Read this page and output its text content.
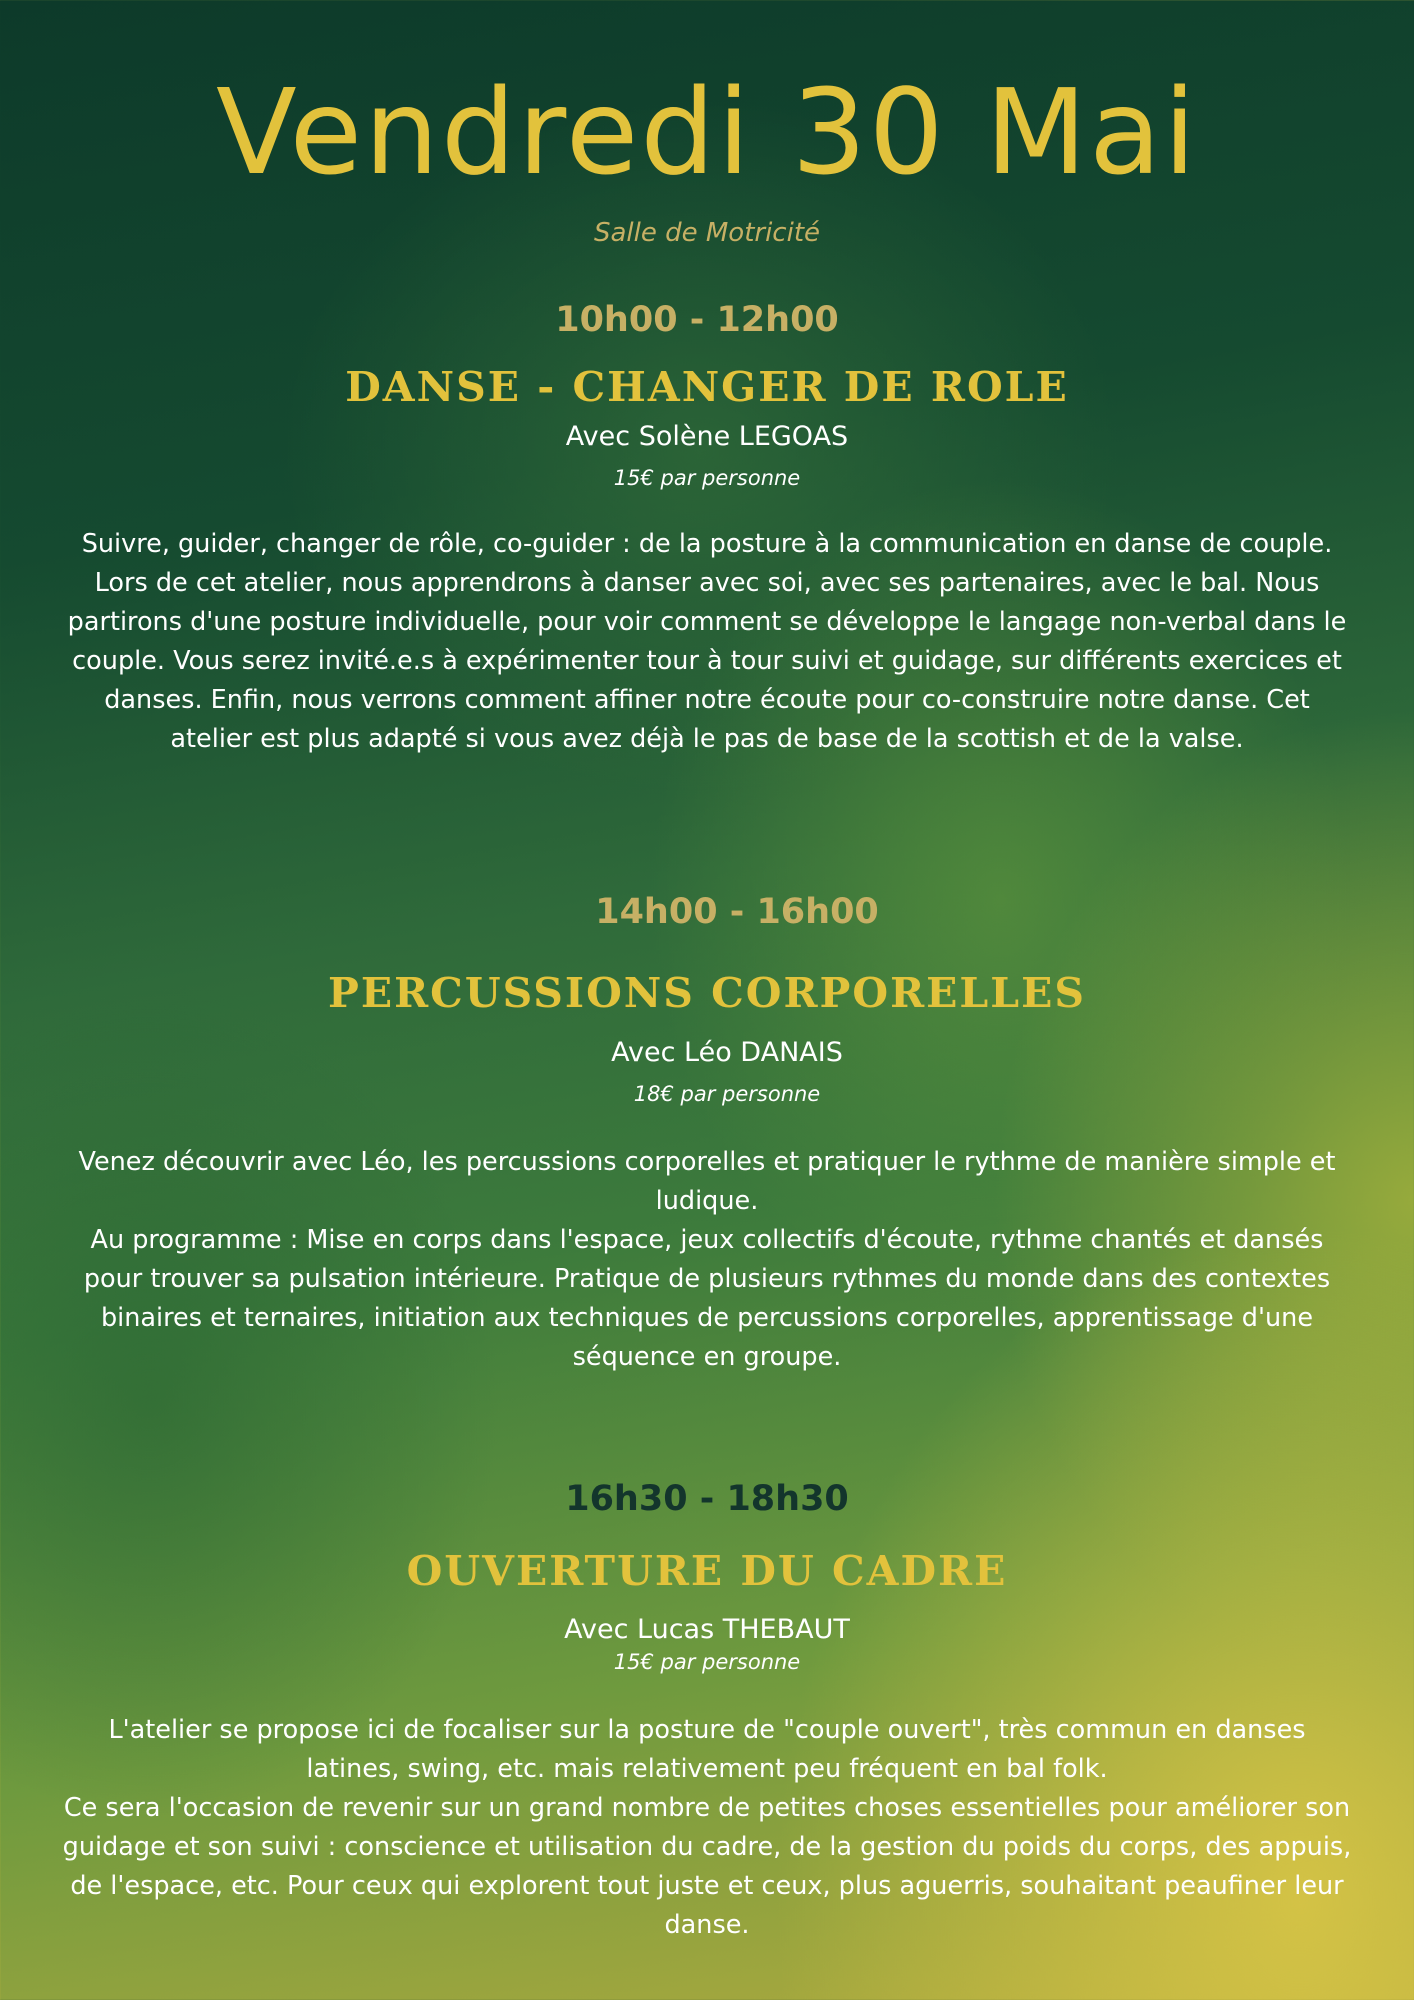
Vendredi 30 Mai
Salle de Motricité
10h00 - 12h00
DANSE - CHANGER DE ROLE
Avec Solène LEGOAS
15€ par personne

Suivre, guider, changer de rôle, co-guider : de la posture à la communication en danse de couple. Lors de cet atelier, nous apprendrons à danser avec soi, avec ses partenaires, avec le bal. Nous partirons d'une posture individuelle, pour voir comment se développe le langage non-verbal dans le couple. Vous serez invité.e.s à expérimenter tour à tour suivi et guidage, sur différents exercices et danses. Enfin, nous verrons comment affiner notre écoute pour co-construire notre danse. Cet atelier est plus adapté si vous avez déjà le pas de base de la scottish et de la valse.

14h00 - 16h00
PERCUSSIONS CORPORELLES
Avec Léo DANAIS
18€ par personne

Venez découvrir avec Léo, les percussions corporelles et pratiquer le rythme de manière simple et ludique.

Au programme : Mise en corps dans l'espace, jeux collectifs d'écoute, rythme chantés et dansés pour trouver sa pulsation intérieure. Pratique de plusieurs rythmes du monde dans des contextes binaires et ternaires, initiation aux techniques de percussions corporelles, apprentissage d'une séquence en groupe.

16h30 - 18h30
OUVERTURE DU CADRE
Avec Lucas THEBAUT
15€ par personne

L'atelier se propose ici de focaliser sur la posture de "couple ouvert", très commun en danses latines, swing, etc. mais relativement peu fréquent en bal folk.

Ce sera l'occasion de revenir sur un grand nombre de petites choses essentielles pour améliorer son guidage et son suivi : conscience et utilisation du cadre, de la gestion du poids du corps, des appuis, de l'espace, etc. Pour ceux qui explorent tout juste et ceux, plus aguerris, souhaitant peaufiner leur danse.
